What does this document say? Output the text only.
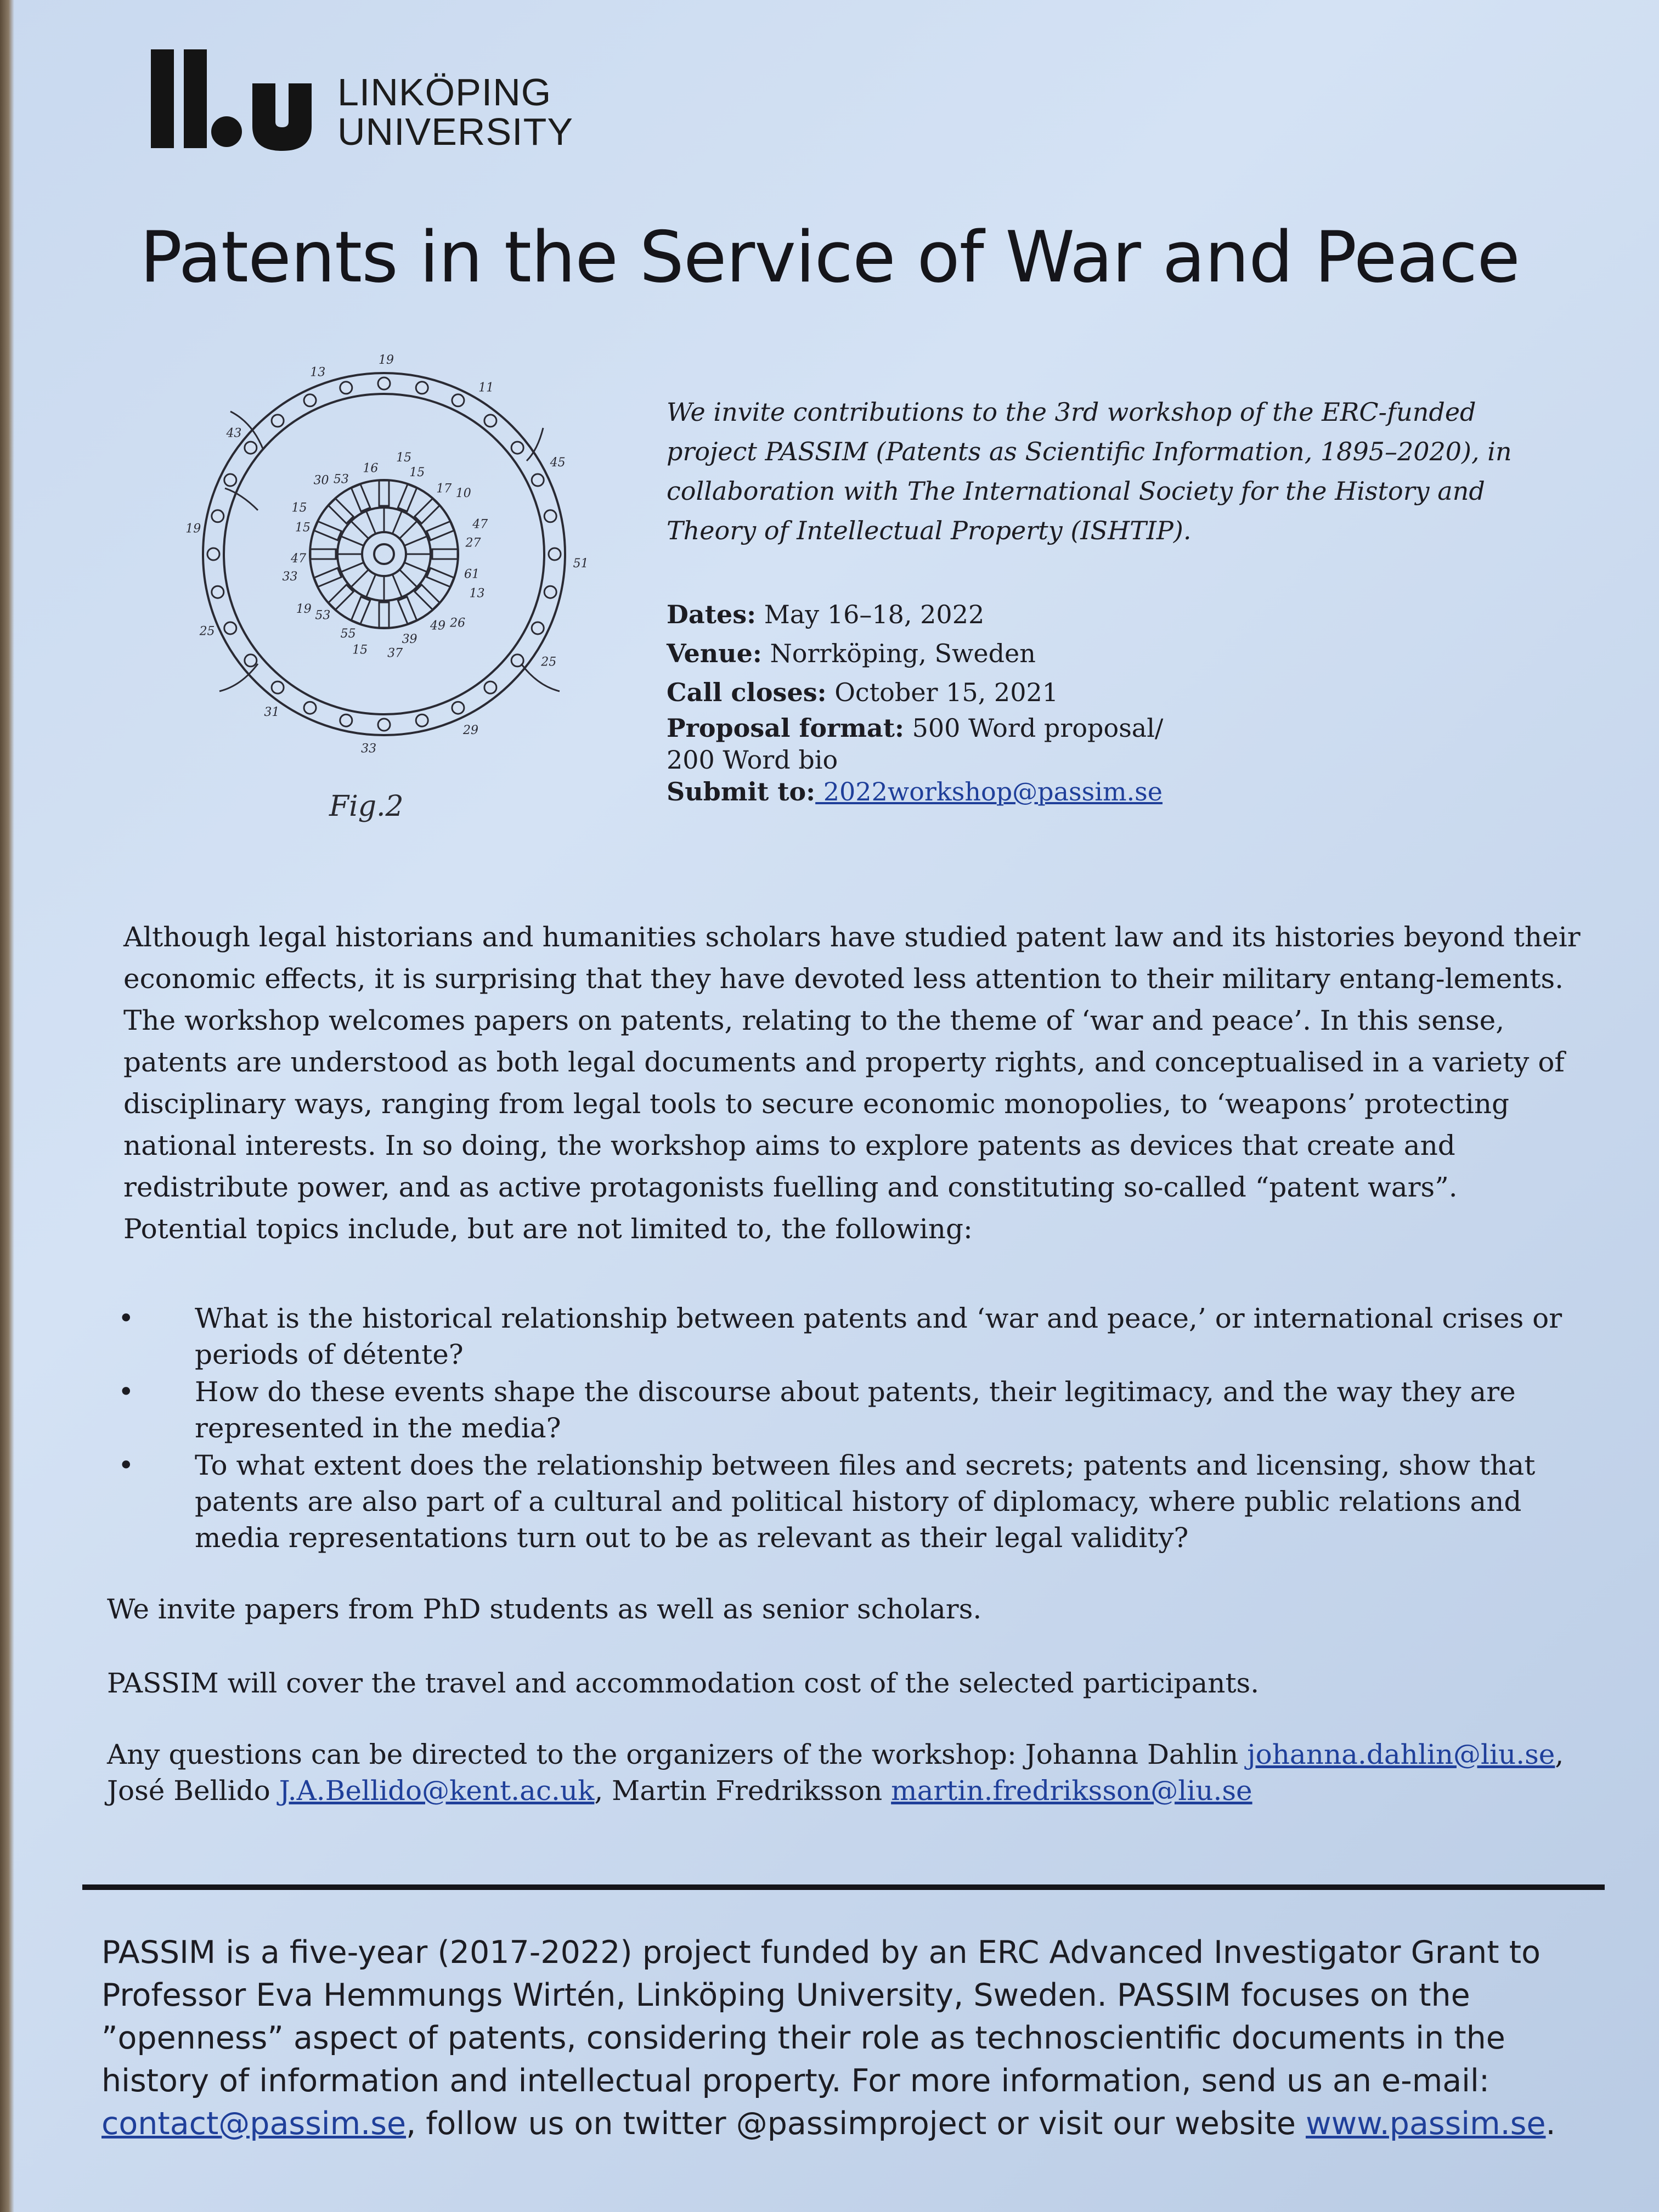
LINKÖPING
UNIVERSITY
Patents in the Service of War and Peace
19
15
15
11
17 10
45
47
27
51
61
13
25
26
49
29
39
37
33
15
55
31
53
19
25
33
47
19	15
15
43
30 53
13
16
Fig.2
We invite contributions to the 3rd workshop of the ERC-funded project PASSIM (Patents as Scientific Information, 1895–2020), in collaboration with The International Society for the History and Theory of Intellectual Property (ISHTIP).
Dates: May 16–18, 2022
Venue: Norrköping, Sweden
Call closes: October 15, 2021
Proposal format: 500 Word proposal/
200 Word bio
Submit to: 2022workshop@passim.se
Although legal historians and humanities scholars have studied patent law and its histories beyond their economic effects, it is surprising that they have devoted less attention to their military entang-lements. The workshop welcomes papers on patents, relating to the theme of ‘war and peace’. In this sense, patents are understood as both legal documents and property rights, and conceptualised in a variety of disciplinary ways, ranging from legal tools to secure economic monopolies, to ‘weapons’ protecting national interests. In so doing, the workshop aims to explore patents as devices that create and redistribute power, and as active protagonists fuelling and constituting so-called “patent wars”. Potential topics include, but are not limited to, the following:
• What is the historical relationship between patents and ‘war and peace,’ or international crises or periods of détente?
• How do these events shape the discourse about patents, their legitimacy, and the way they are represented in the media?
• To what extent does the relationship between files and secrets; patents and licensing, show that patents are also part of a cultural and political history of diplomacy, where public relations and media representations turn out to be as relevant as their legal validity?
We invite papers from PhD students as well as senior scholars.
PASSIM will cover the travel and accommodation cost of the selected participants.
Any questions can be directed to the organizers of the workshop: Johanna Dahlin johanna.dahlin@liu.se,
José Bellido J.A.Bellido@kent.ac.uk, Martin Fredriksson martin.fredriksson@liu.se
PASSIM is a five-year (2017-2022) project funded by an ERC Advanced Investigator Grant to Professor Eva Hemmungs Wirtén, Linköping University, Sweden. PASSIM focuses on the ”openness” aspect of patents, considering their role as technoscientific documents in the history of information and intellectual property. For more information, send us an e-mail: contact@passim.se, follow us on twitter @passimproject or visit our website www.passim.se.
